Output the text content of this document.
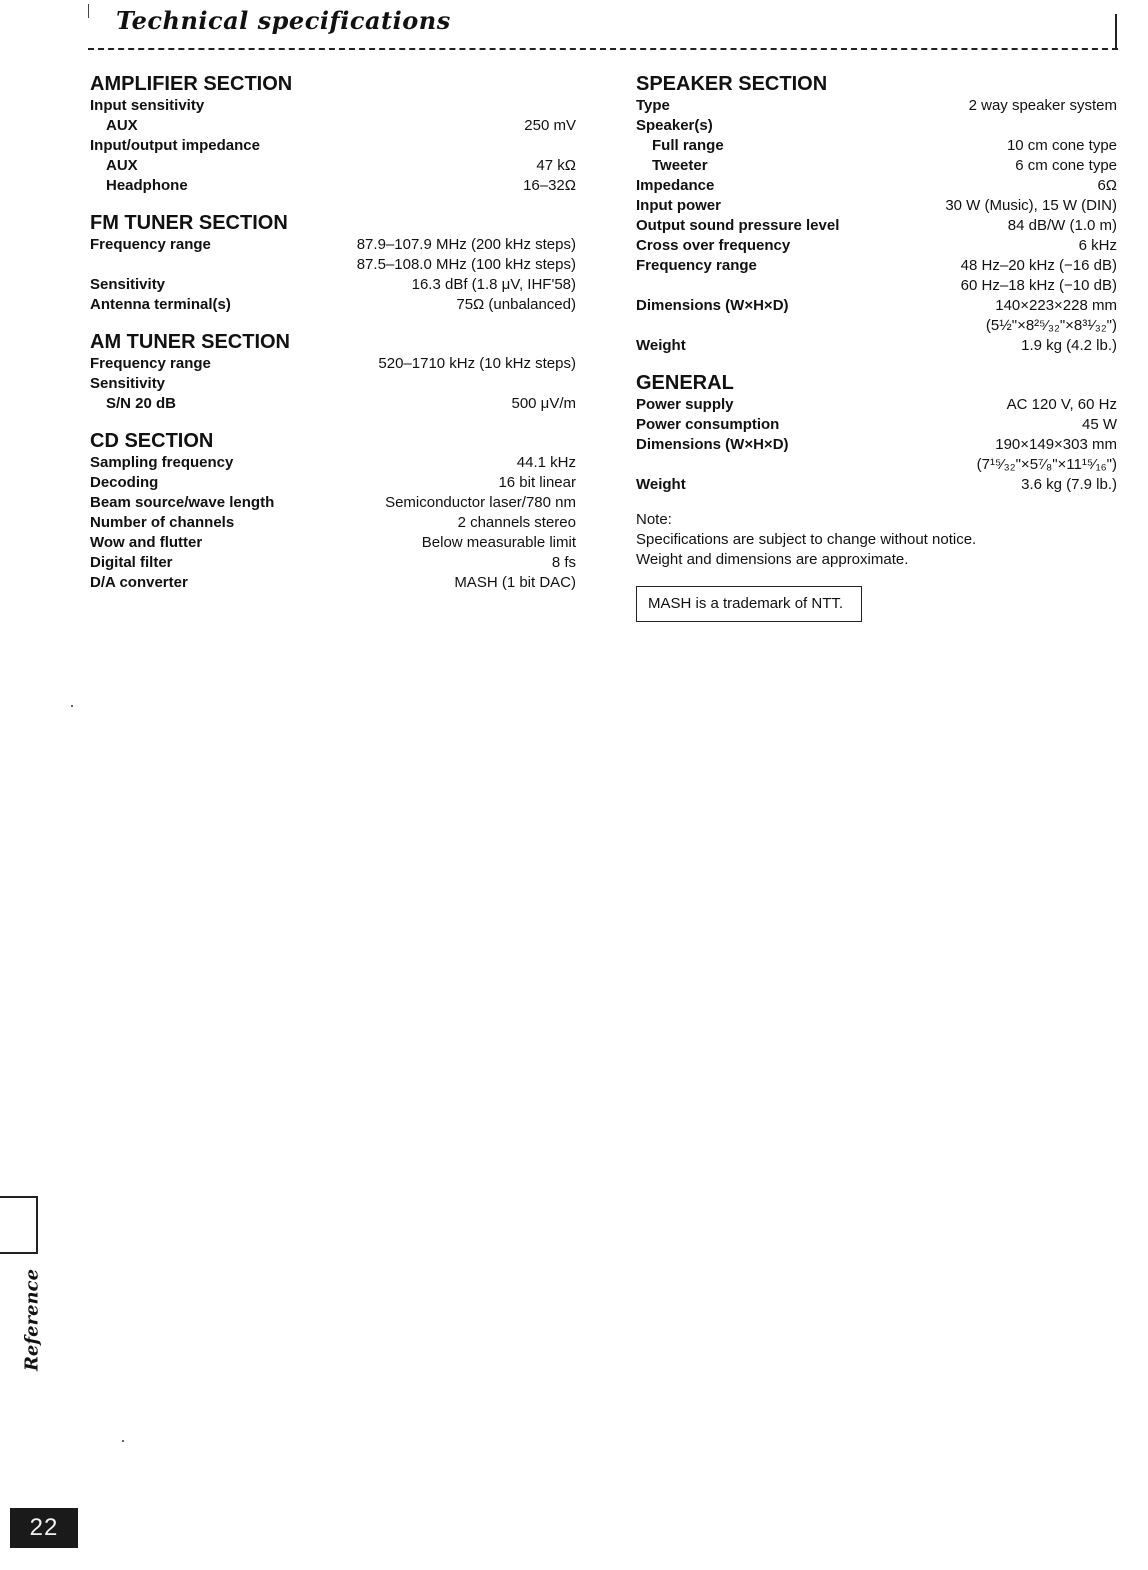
Technical specifications
AMPLIFIER SECTION
Input sensitivity
AUX	250 mV
Input/output impedance
AUX	47 kΩ
Headphone	16–32Ω
FM TUNER SECTION
Frequency range	87.9–107.9 MHz (200 kHz steps)
87.5–108.0 MHz (100 kHz steps)
Sensitivity	16.3 dBf (1.8 μV, IHF'58)
Antenna terminal(s)	75Ω (unbalanced)
AM TUNER SECTION
Frequency range	520–1710 kHz (10 kHz steps)
Sensitivity
S/N 20 dB	500 μV/m
CD SECTION
Sampling frequency	44.1 kHz
Decoding	16 bit linear
Beam source/wave length	Semiconductor laser/780 nm
Number of channels	2 channels stereo
Wow and flutter	Below measurable limit
Digital filter	8 fs
D/A converter	MASH (1 bit DAC)
SPEAKER SECTION
Type	2 way speaker system
Speaker(s)
Full range	10 cm cone type
Tweeter	6 cm cone type
Impedance	6Ω
Input power	30 W (Music), 15 W (DIN)
Output sound pressure level	84 dB/W (1.0 m)
Cross over frequency	6 kHz
Frequency range	48 Hz–20 kHz (−16 dB)
60 Hz–18 kHz (−10 dB)
Dimensions (W×H×D)	140×223×228 mm
(5½"×8²⁵⁄₃₂"×8³¹⁄₃₂")
Weight	1.9 kg (4.2 lb.)
GENERAL
Power supply	AC 120 V, 60 Hz
Power consumption	45 W
Dimensions (W×H×D)	190×149×303 mm
(7¹⁵⁄₃₂"×5⁷⁄₈"×11¹⁵⁄₁₆")
Weight	3.6 kg (7.9 lb.)
Note:
Specifications are subject to change without notice.
Weight and dimensions are approximate.
MASH is a trademark of NTT.
Reference
22
